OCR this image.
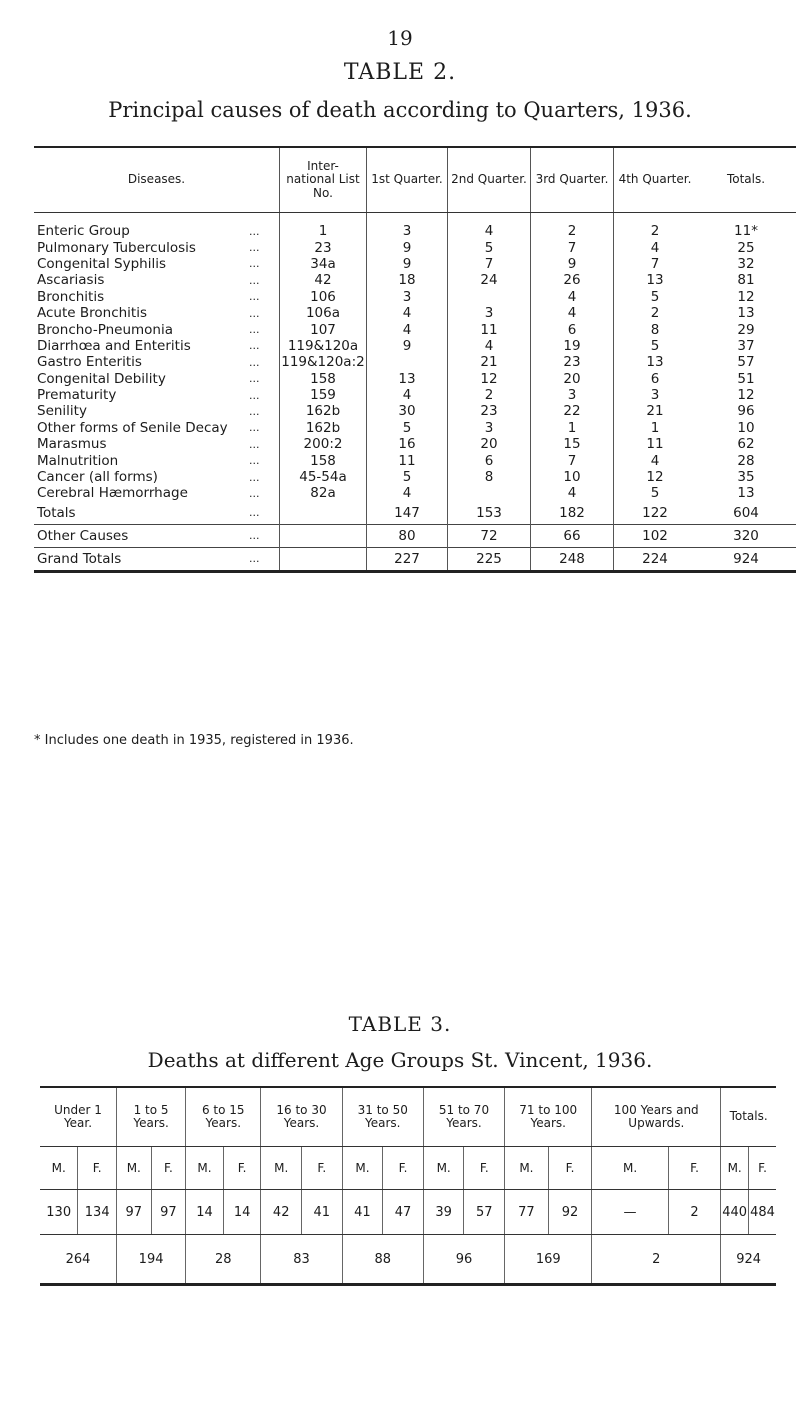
19
TABLE 2.
Principal causes of death according to Quarters, 1936.
Diseases.		Inter- national List No.	1st Quarter.	2nd Quarter.	3rd Quarter.	4th Quarter.	Totals.

Enteric Group	...	1	3	4	2	2	11*
Pulmonary Tuberculosis	...	23	9	5	7	4	25
Congenital Syphilis	...	34a	9	7	9	7	32
Ascariasis	...	42	18	24	26	13	81
Bronchitis	...	106	3		4	5	12
Acute Bronchitis	...	106a	4	3	4	2	13
Broncho-Pneumonia	...	107	4	11	6	8	29
Diarrhœa and Enteritis	...	119&120a	9	4	19	5	37
Gastro Enteritis	...	119&120a:2		21	23	13	57
Congenital Debility	...	158	13	12	20	6	51
Prematurity	...	159	4	2	3	3	12
Senility	...	162b	30	23	22	21	96
Other forms of Senile Decay	...	162b	5	3	1	1	10
Marasmus	...	200:2	16	20	15	11	62
Malnutrition	...	158	11	6	7	4	28
Cancer (all forms)	...	45-54a	5	8	10	12	35
Cerebral Hæmorrhage	...	82a	4		4	5	13
Totals	...		147	153	182	122	604
Other Causes	...		80	72	66	102	320
Grand Totals	...		227	225	248	224	924
* Includes one death in 1935, registered in 1936.
TABLE 3.
Deaths at different Age Groups St. Vincent, 1936.
Under 1 Year.		1 to 5 Years.		6 to 15 Years.		16 to 30 Years.		31 to 50 Years.		51 to 70 Years.		71 to 100 Years.		100 Years and Upwards.		Totals.	
M.	F.	M.	F.	M.	F.	M.	F.	M.	F.	M.	F.	M.	F.	M.	F.	M.	F.
130	134	97	97	14	14	42	41	41	47	39	57	77	92	—	2	440	484
264		194		28		83		88		96		169		2		924	
